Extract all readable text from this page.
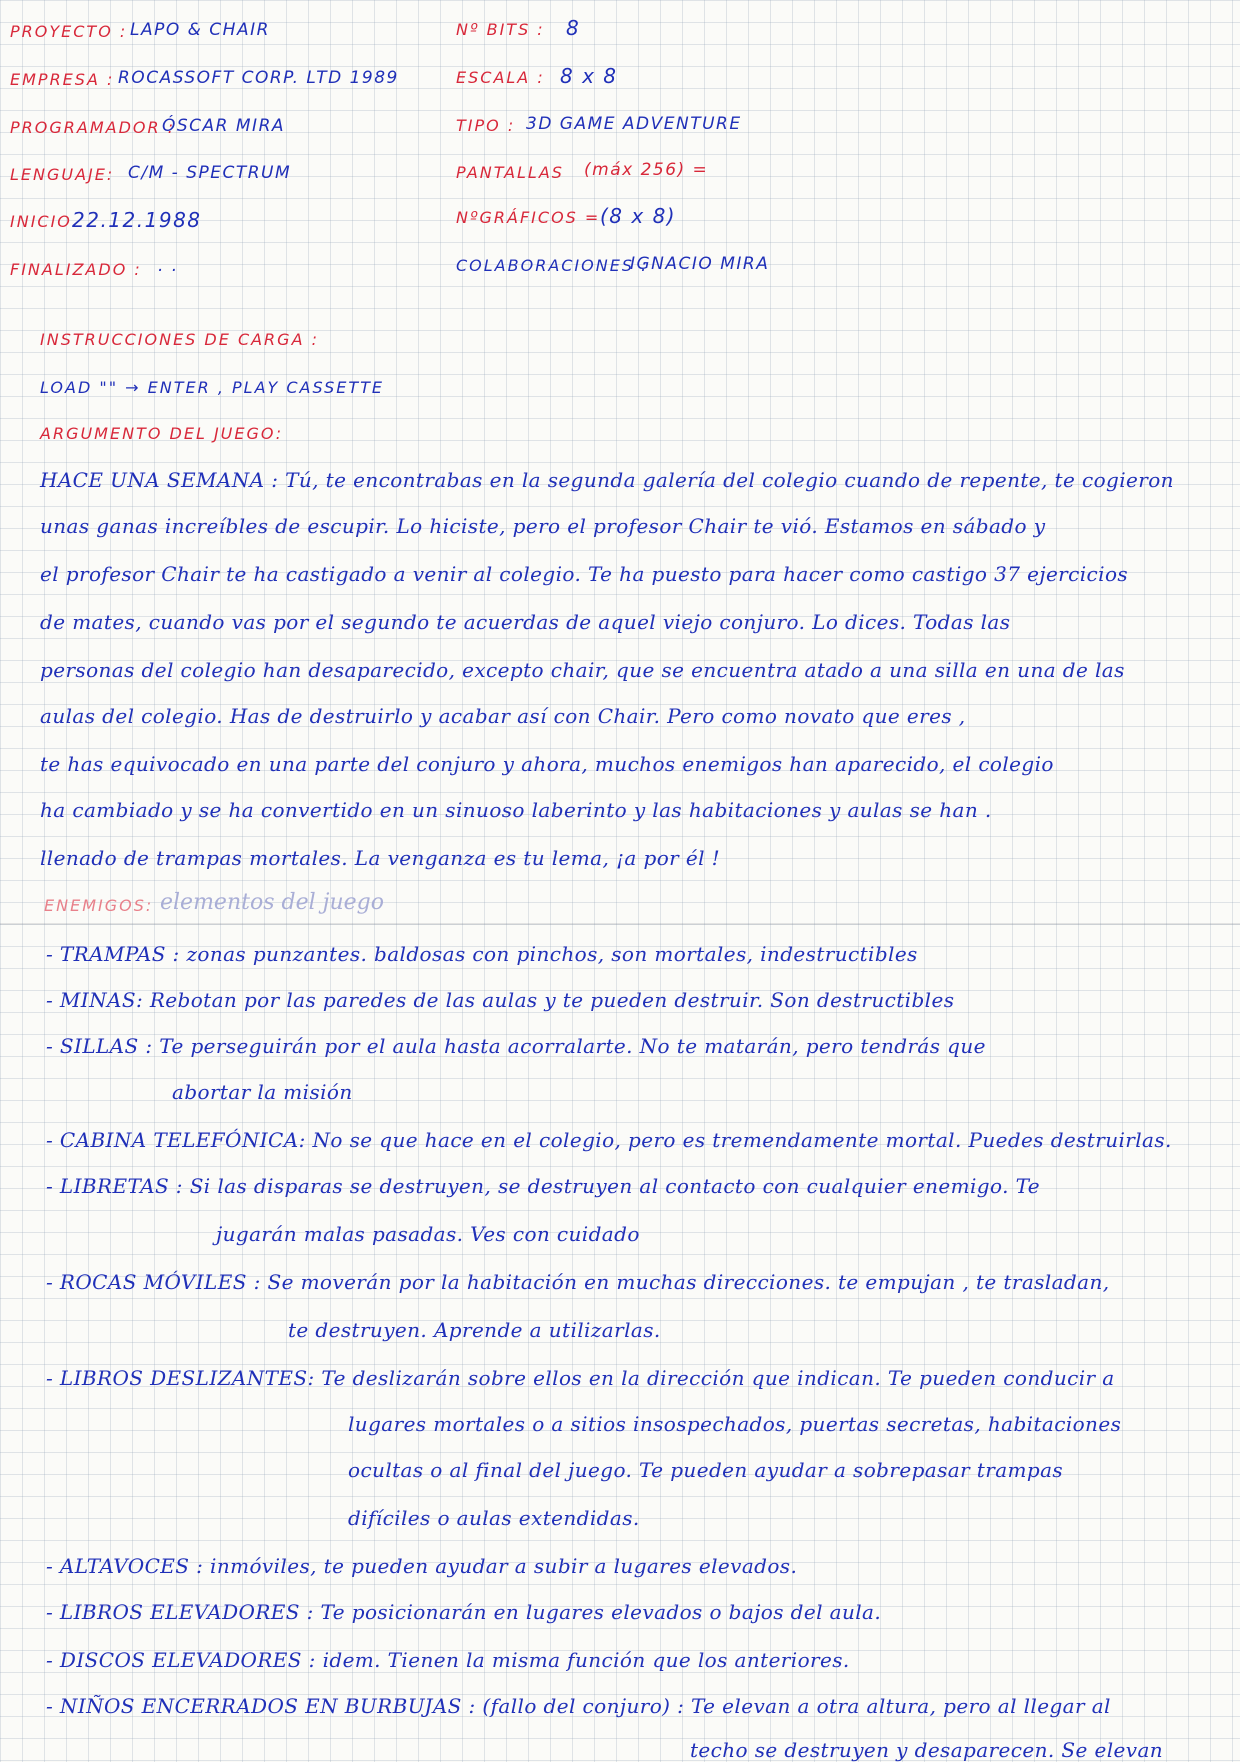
PROYECTO : LAPO & CHAIR
EMPRESA : ROCASSOFT CORP. LTD 1989
PROGRAMADOR :
ÓSCAR MIRA
LENGUAJE: C/M - SPECTRUM
INICIO 22.12.1988
FINALIZADO : . .
Nº BITS : 8
ESCALA : 8 x 8
TIPO : 3D GAME ADVENTURE
PANTALLAS (máx 256) =
NºGRÁFICOS = (8 x 8)
COLABORACIONES :
IGNACIO MIRA
INSTRUCCIONES DE CARGA :
LOAD "" → ENTER , PLAY CASSETTE
ARGUMENTO DEL JUEGO:
HACE UNA SEMANA : Tú, te encontrabas en la segunda galería del colegio cuando de repente, te cogieron
unas ganas increíbles de escupir. Lo hiciste, pero el profesor Chair te vió. Estamos en sábado y
el profesor Chair te ha castigado a venir al colegio. Te ha puesto para hacer como castigo 37 ejercicios
de mates, cuando vas por el segundo te acuerdas de aquel viejo conjuro. Lo dices. Todas las
personas del colegio han desaparecido, excepto chair, que se encuentra atado a una silla en una de las
aulas del colegio. Has de destruirlo y acabar así con Chair. Pero como novato que eres ,
te has equivocado en una parte del conjuro y ahora, muchos enemigos han aparecido, el colegio
ha cambiado y se ha convertido en un sinuoso laberinto y las habitaciones y aulas se han .
llenado de trampas mortales. La venganza es tu lema, ¡a por él !
ENEMIGOS: elementos del juego
- TRAMPAS : zonas punzantes. baldosas con pinchos, son mortales, indestructibles
- MINAS: Rebotan por las paredes de las aulas y te pueden destruir. Son destructibles
- SILLAS : Te perseguirán por el aula hasta acorralarte. No te matarán, pero tendrás que
abortar la misión
- CABINA TELEFÓNICA: No se que hace en el colegio, pero es tremendamente mortal. Puedes destruirlas.
- LIBRETAS : Si las disparas se destruyen, se destruyen al contacto con cualquier enemigo. Te
jugarán malas pasadas. Ves con cuidado
- ROCAS MÓVILES : Se moverán por la habitación en muchas direcciones. te empujan , te trasladan,
te destruyen. Aprende a utilizarlas.
- LIBROS DESLIZANTES: Te deslizarán sobre ellos en la dirección que indican. Te pueden conducir a
lugares mortales o a sitios insospechados, puertas secretas, habitaciones
ocultas o al final del juego. Te pueden ayudar a sobrepasar trampas
difíciles o aulas extendidas.
- ALTAVOCES : inmóviles, te pueden ayudar a subir a lugares elevados.
- LIBROS ELEVADORES : Te posicionarán en lugares elevados o bajos del aula.
- DISCOS ELEVADORES : idem. Tienen la misma función que los anteriores.
- NIÑOS ENCERRADOS EN BURBUJAS : (fallo del conjuro) : Te elevan a otra altura, pero al llegar al
techo se destruyen y desaparecen. Se elevan
